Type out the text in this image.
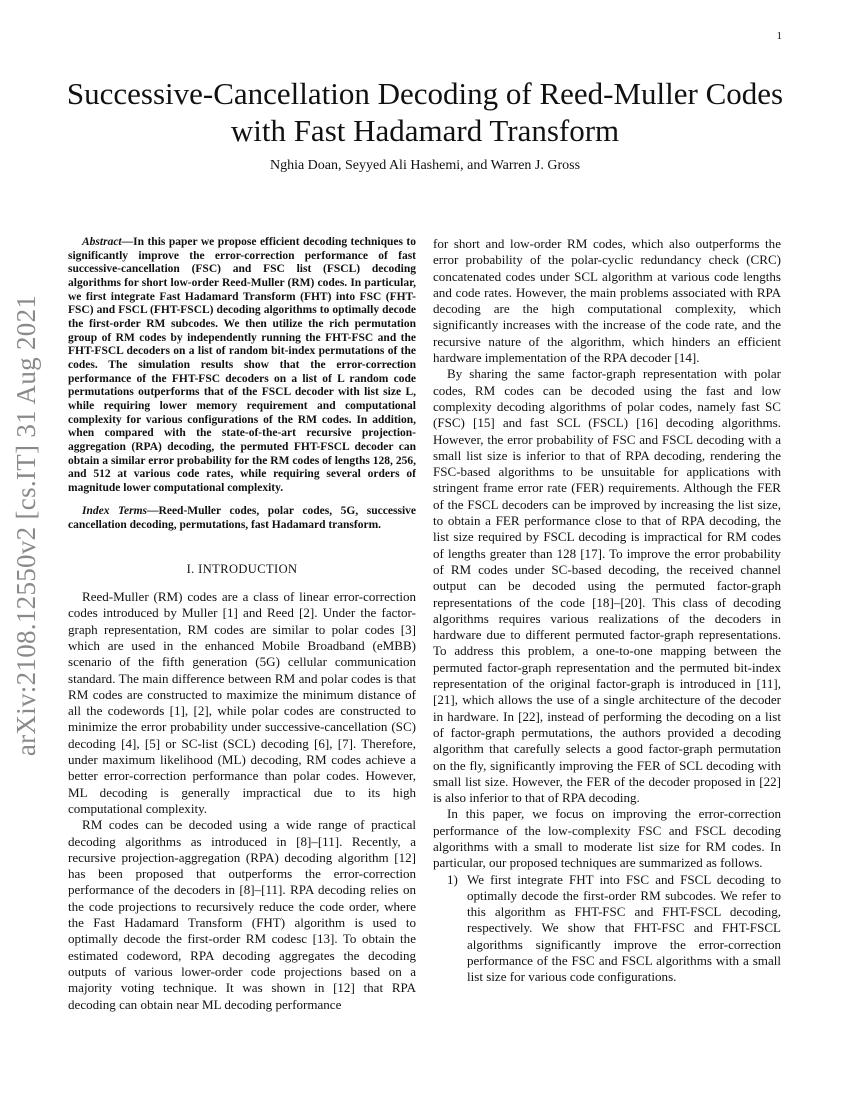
1
arXiv:2108.12550v2 [cs.IT] 31 Aug 2021
Successive-Cancellation Decoding of Reed-Muller Codes with Fast Hadamard Transform
Nghia Doan, Seyyed Ali Hashemi, and Warren J. Gross

Abstract—In this paper we propose efficient decoding techniques to significantly improve the error-correction performance of fast successive-cancellation (FSC) and FSC list (FSCL) decoding algorithms for short low-order Reed-Muller (RM) codes. In particular, we first integrate Fast Hadamard Transform (FHT) into FSC (FHT-FSC) and FSCL (FHT-FSCL) decoding algorithms to optimally decode the first-order RM subcodes. We then utilize the rich permutation group of RM codes by independently running the FHT-FSC and the FHT-FSCL decoders on a list of random bit-index permutations of the codes. The simulation results show that the error-correction performance of the FHT-FSC decoders on a list of L random code permutations outperforms that of the FSCL decoder with list size L, while requiring lower memory requirement and computational complexity for various configurations of the RM codes. In addition, when compared with the state-of-the-art recursive projection-aggregation (RPA) decoding, the permuted FHT-FSCL decoder can obtain a similar error probability for the RM codes of lengths 128, 256, and 512 at various code rates, while requiring several orders of magnitude lower computational complexity.

Index Terms—Reed-Muller codes, polar codes, 5G, successive cancellation decoding, permutations, fast Hadamard transform.

I. INTRODUCTION

Reed-Muller (RM) codes are a class of linear error-correction codes introduced by Muller [1] and Reed [2]. Under the factor-graph representation, RM codes are similar to polar codes [3] which are used in the enhanced Mobile Broadband (eMBB) scenario of the fifth generation (5G) cellular communication standard. The main difference between RM and polar codes is that RM codes are constructed to maximize the minimum distance of all the codewords [1], [2], while polar codes are constructed to minimize the error probability under successive-cancellation (SC) decoding [4], [5] or SC-list (SCL) decoding [6], [7]. Therefore, under maximum likelihood (ML) decoding, RM codes achieve a better error-correction performance than polar codes. However, ML decoding is generally impractical due to its high computational complexity.

RM codes can be decoded using a wide range of practical decoding algorithms as introduced in [8]–[11]. Recently, a recursive projection-aggregation (RPA) decoding algorithm [12] has been proposed that outperforms the error-correction performance of the decoders in [8]–[11]. RPA decoding relies on the code projections to recursively reduce the code order, where the Fast Hadamard Transform (FHT) algorithm is used to optimally decode the first-order RM codesc [13]. To obtain the estimated codeword, RPA decoding aggregates the decoding outputs of various lower-order code projections based on a majority voting technique. It was shown in [12] that RPA decoding can obtain near ML decoding performance

for short and low-order RM codes, which also outperforms the error probability of the polar-cyclic redundancy check (CRC) concatenated codes under SCL algorithm at various code lengths and code rates. However, the main problems associated with RPA decoding are the high computational complexity, which significantly increases with the increase of the code rate, and the recursive nature of the algorithm, which hinders an efficient hardware implementation of the RPA decoder [14].

By sharing the same factor-graph representation with polar codes, RM codes can be decoded using the fast and low complexity decoding algorithms of polar codes, namely fast SC (FSC) [15] and fast SCL (FSCL) [16] decoding algorithms. However, the error probability of FSC and FSCL decoding with a small list size is inferior to that of RPA decoding, rendering the FSC-based algorithms to be unsuitable for applications with stringent frame error rate (FER) requirements. Although the FER of the FSCL decoders can be improved by increasing the list size, to obtain a FER performance close to that of RPA decoding, the list size required by FSCL decoding is impractical for RM codes of lengths greater than 128 [17]. To improve the error probability of RM codes under SC-based decoding, the received channel output can be decoded using the permuted factor-graph representations of the code [18]–[20]. This class of decoding algorithms requires various realizations of the decoders in hardware due to different permuted factor-graph representations. To address this problem, a one-to-one mapping between the permuted factor-graph representation and the permuted bit-index representation of the original factor-graph is introduced in [11], [21], which allows the use of a single architecture of the decoder in hardware. In [22], instead of performing the decoding on a list of factor-graph permutations, the authors provided a decoding algorithm that carefully selects a good factor-graph permutation on the fly, significantly improving the FER of SCL decoding with small list size. However, the FER of the decoder proposed in [22] is also inferior to that of RPA decoding.

In this paper, we focus on improving the error-correction performance of the low-complexity FSC and FSCL decoding algorithms with a small to moderate list size for RM codes. In particular, our proposed techniques are summarized as follows.

1) We first integrate FHT into FSC and FSCL decoding to optimally decode the first-order RM subcodes. We refer to this algorithm as FHT-FSC and FHT-FSCL decoding, respectively. We show that FHT-FSC and FHT-FSCL algorithms significantly improve the error-correction performance of the FSC and FSCL algorithms with a small list size for various code configurations.
